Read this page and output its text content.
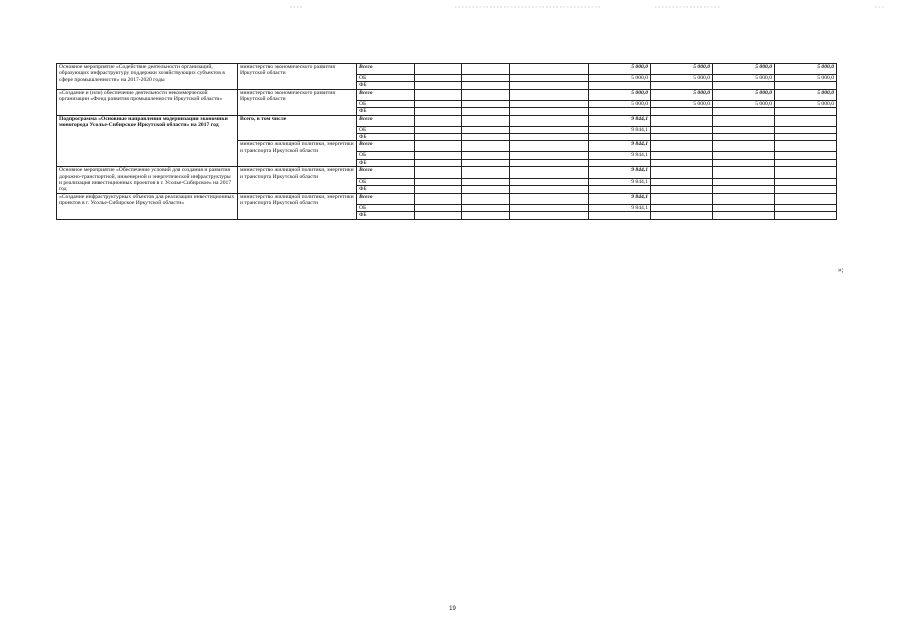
Основное мероприятие «Содействие деятельности организаций, образующих инфраструктуру поддержки хозяйствующих субъектов в сфере промышленности» на 2017-2020 годы	министерство экономического развития Иркутской области	Всего				5 000,0	5 000,0	5 000,0	5 000,0
		ОБ				5 000,0	5 000,0	5 000,0	5 000,0
		ФБ							
«Создание и (или) обеспечение деятельности некоммерческой организации «Фонд развития промышленности Иркутской области»	министерство экономического развития Иркутской области	Всего				5 000,0	5 000,0	5 000,0	5 000,0
		ОБ				5 000,0	5 000,0	5 000,0	5 000,0
		ФБ							
Подпрограмма «Основные направления модернизации экономики моногорода Усолье-Сибирское Иркутской области» на 2017 год	Всего, в том числе	Всего				9 844,1			
		ОБ				9 844,1			
		ФБ							
	министерство жилищной политики, энергетики и транспорта Иркутской области	Всего				9 844,1			
		ОБ				9 844,1			
		ФБ							
Основное мероприятие «Обеспечение условий для создания и развития дорожно-транспортной, инженерной и энергетической инфраструктуры и реализация инвестиционных проектов в г. Усолье-Сибирское» на 2017 год	министерство жилищной политики, энергетики и транспорта Иркутской области	Всего				9 844,1			
		ОБ				9 844,1			
		ФБ							
«Создание инфраструктурных объектов для реализации инвестиционных проектов в г. Усолье-Сибирское Иркутской области»	министерство жилищной политики, энергетики и транспорта Иркутской области	Всего				9 844,1			
		ОБ				9 844,1			
		ФБ							
»;
19
